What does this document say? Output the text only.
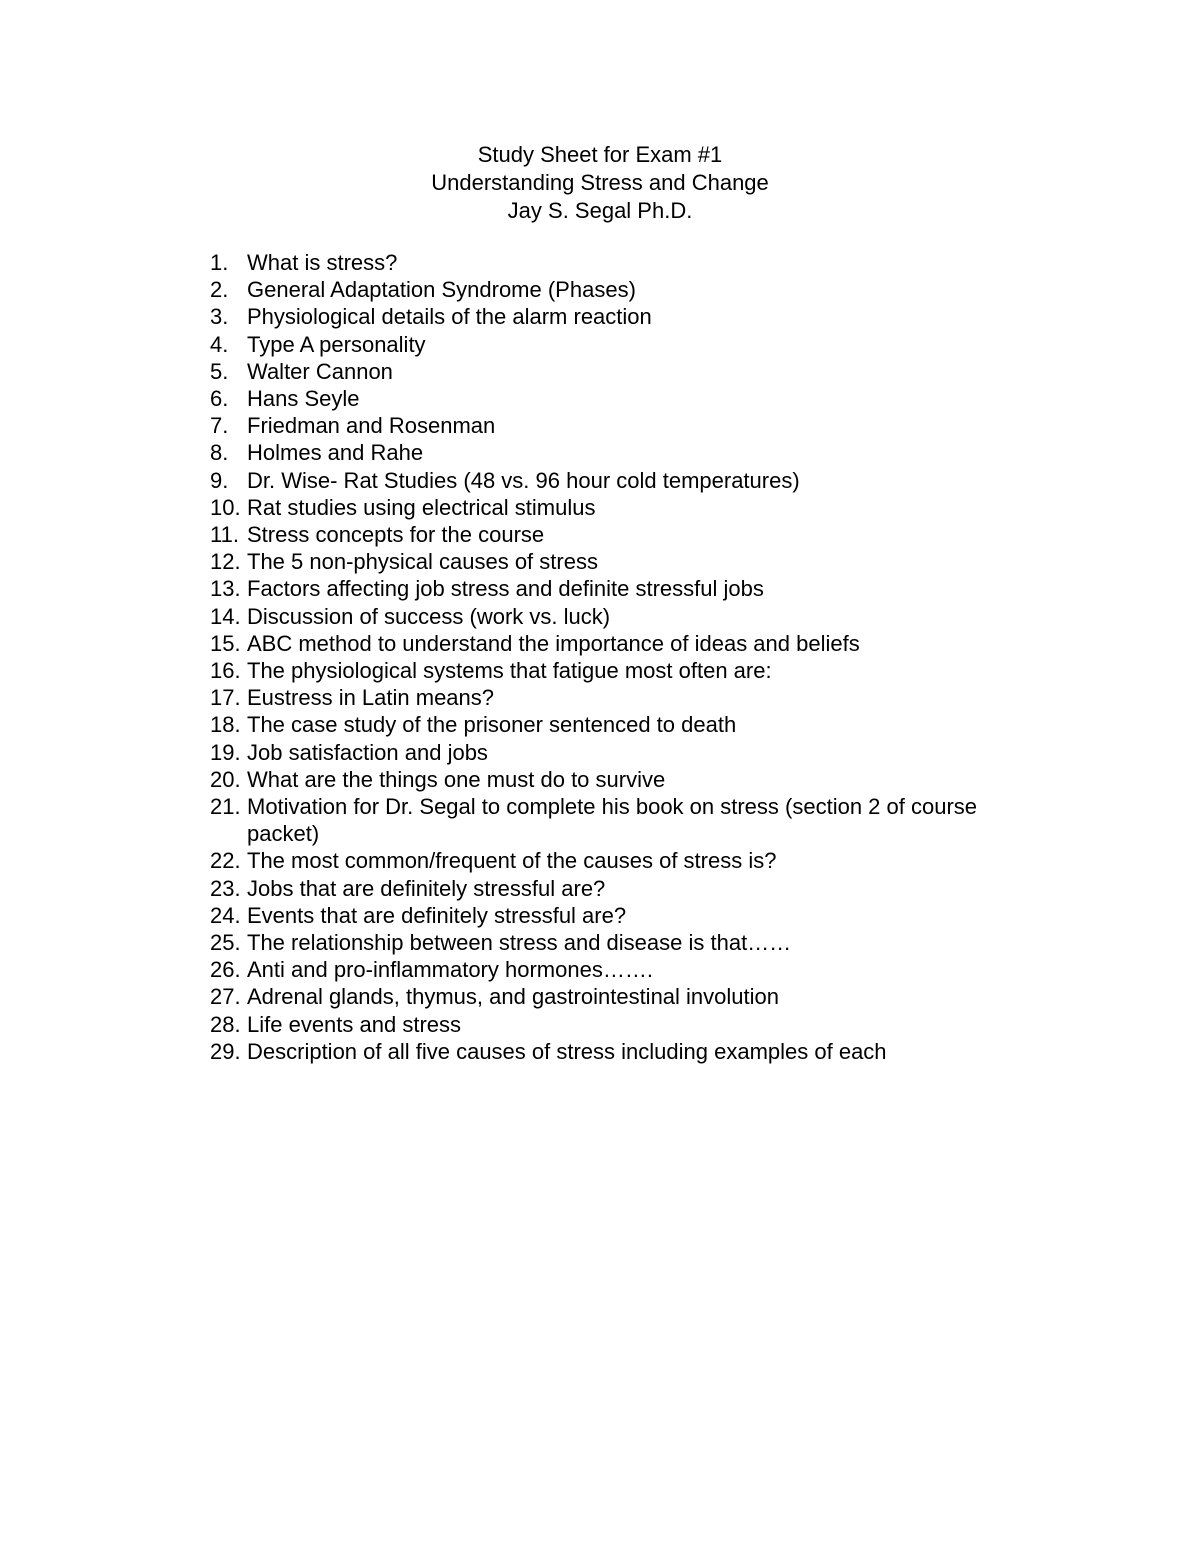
Study Sheet for Exam #1
Understanding Stress and Change
Jay S. Segal Ph.D.
1. What is stress?
2. General Adaptation Syndrome (Phases)
3. Physiological details of the alarm reaction
4. Type A personality
5. Walter Cannon
6. Hans Seyle
7. Friedman and Rosenman
8. Holmes and Rahe
9. Dr. Wise- Rat Studies (48 vs. 96 hour cold temperatures)
10. Rat studies using electrical stimulus
11. Stress concepts for the course
12. The 5 non-physical causes of stress
13. Factors affecting job stress and definite stressful jobs
14. Discussion of success (work vs. luck)
15. ABC method to understand the importance of ideas and beliefs
16. The physiological systems that fatigue most often are:
17. Eustress in Latin means?
18. The case study of the prisoner sentenced to death
19. Job satisfaction and jobs
20. What are the things one must do to survive
21. Motivation for Dr. Segal to complete his book on stress (section 2 of course packet)
22. The most common/frequent of the causes of stress is?
23. Jobs that are definitely stressful are?
24. Events that are definitely stressful are?
25. The relationship between stress and disease is that……
26. Anti and pro-inflammatory hormones…….
27. Adrenal glands, thymus, and gastrointestinal involution
28. Life events and stress
29. Description of all five causes of stress including examples of each
